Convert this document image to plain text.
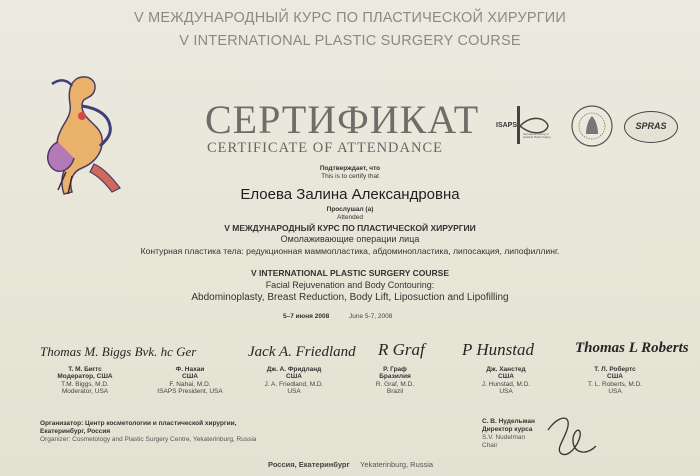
V МЕЖДУНАРОДНЫЙ КУРС ПО ПЛАСТИЧЕСКОЙ ХИРУРГИИ
V INTERNATIONAL PLASTIC SURGERY COURSE
СЕРТИФИКАТ
CERTIFICATE OF ATTENDANCE
ISAPS
International Society of Aesthetic Plastic Surgery
SPRAS
Подтверждает, что
This is to certify that
Елоева Залина Александровна
Прослушал (а)
Attended
V МЕЖДУНАРОДНЫЙ КУРС ПО ПЛАСТИЧЕСКОЙ ХИРУРГИИ
Омолаживающие операции лица
Контурная пластика тела: редукционная маммопластика, абдоминопластика, липосакция, липофиллинг.
V INTERNATIONAL PLASTIC SURGERY COURSE
Facial Rejuvenation and Body Contouring:
Abdominoplasty, Breast Reduction, Body Lift, Liposuction and Lipofilling
5–7 июня 2008	June 5-7, 2008
Thomas M. Biggs Bvk. hc Ger	Jack A. Friedland R Graf P Hunstad	Thomas L Roberts
Т. М. Биггс
Модератор, США
T.M. Biggs, M.D.
Moderator, USA
Ф. Нахаи
США
F. Nahai, M.D.
ISAPS President, USA
Дж. А. Фридланд
США
J. A. Friedland, M.D.
USA
Р. Граф
Бразилия
R. Graf, M.D.
Brazil
Дж. Ханстед
США
J. Hunstad, M.D.
USA
Т. Л. Робертс
США
T. L. Roberts, M.D.
USA
Организатор: Центр косметологии и пластической хирургии,
Екатеринбург, Россия
Organizer: Cosmetology and Plastic Surgery Centre, Yekaterinburg, Russia
С. В. Нудельман
Директор курса
S.V. Nudelman
Chair
Россия, Екатеринбург Yekaterinburg, Russia
